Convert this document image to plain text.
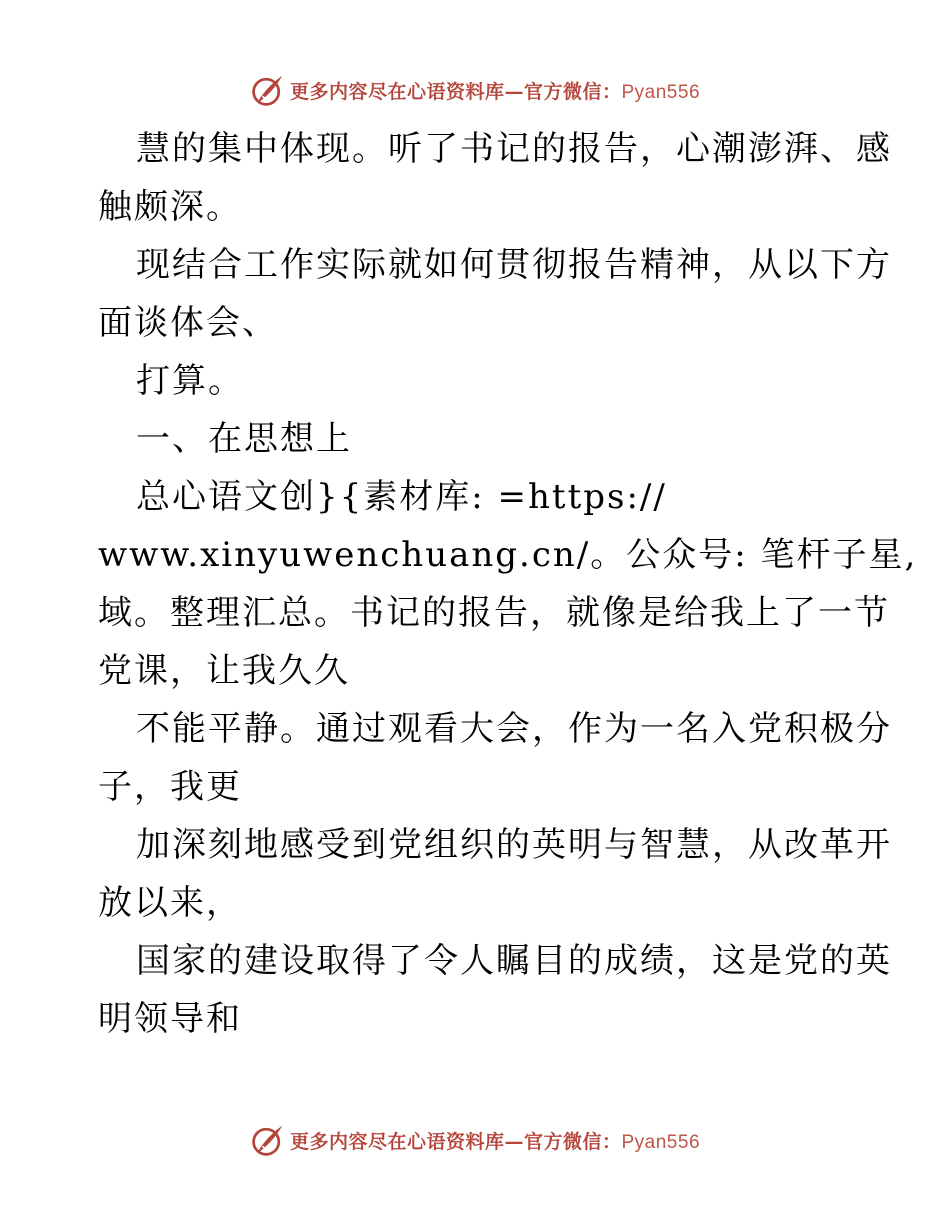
更多内容尽在心语资料库—官方微信：Pyan556
慧的集中体现。听了书记的报告，心潮澎湃、感
触颇深。
现结合工作实际就如何贯彻报告精神，从以下方
面谈体会、
打算。
一、在思想上
总心语文创}{素材库: =https://
www.xinyuwenchuang.cn/。公众号: 笔杆子星,
域。整理汇总。书记的报告，就像是给我上了一节
党课，让我久久
不能平静。通过观看大会，作为一名入党积极分
子，我更
加深刻地感受到党组织的英明与智慧，从改革开
放以来，
国家的建设取得了令人瞩目的成绩，这是党的英
明领导和
更多内容尽在心语资料库—官方微信：Pyan556
